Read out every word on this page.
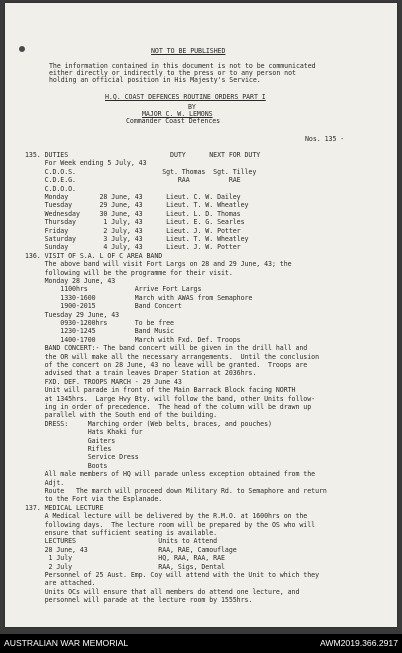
NOT TO BE PUBLISHED
The information contained in this document is not to be communicated
either directly or indirectly to the press or to any person not
holding an official position in His Majesty's Service.
H.Q. COAST DEFENCES ROUTINE ORDERS PART I
BY
MAJOR C. W. LEMONS
Commander Coast Defences
Nos. 135 -
135. DUTIES                          DUTY      NEXT FOR DUTY
For Week ending 5 July, 43
C.D.O.S.                      Sgt. Thomas  Sgt. Tilley
C.D.E.G.                          RAA          RAE
C.D.O.O.
Monday        28 June, 43      Lieut. C. W. Dailey
Tuesday       29 June, 43      Lieut. T. W. Wheatley
Wednesday     30 June, 43      Lieut. L. D. Thomas
Thursday       1 July, 43      Lieut. E. G. Searles
Friday         2 July, 43      Lieut. J. W. Potter
Saturday       3 July, 43      Lieut. T. W. Wheatley
Sunday         4 July, 43      Lieut. J. W. Potter
136. VISIT OF S.A. L OF C AREA BAND
The above band will visit Fort Largs on 28 and 29 June, 43; the
following will be the programme for their visit.
Monday 28 June, 43
1100hrs            Arrive Fort Largs
1330-1600          March with AWAS from Semaphore
1900-2015          Band Concert
Tuesday 29 June, 43
0930-1200hrs       To be free
1230-1245          Band Music
1400-1700          March with Fxd. Def. Troops
BAND CONCERT:- The band concert will be given in the drill hall and
the OR will make all the necessary arrangements.  Until the conclusion
of the concert on 28 June, 43 no leave will be granted.  Troops are
advised that a train leaves Draper Station at 2036hrs.
FXD. DEF. TROOPS MARCH - 29 June 43
Unit will parade in front of the Main Barrack Block facing NORTH
at 1345hrs.  Large Hvy Bty. will follow the band, other Units follow-
ing in order of precedence.  The head of the column will be drawn up
parallel with the South end of the building.
DRESS:     Marching order (Web belts, braces, and pouches)
Hats Khaki fur
Gaiters
Rifles
Service Dress
Boots
All male members of HQ will parade unless exception obtained from the
Adjt.
Route   The march will proceed down Military Rd. to Semaphore and return
to the Fort via the Esplanade.
137. MEDICAL LECTURE
A Medical lecture will be delivered by the R.M.O. at 1600hrs on the
following days.  The lecture room will be prepared by the OS who will
ensure that sufficient seating is available.
LECTURES                     Units to Attend
28 June, 43                  RAA, RAE, Camouflage
1 July                      HQ, RAA, RAA, RAE
2 July                      RAA, Sigs, Dental
Personnel of 25 Aust. Emp. Coy will attend with the Unit to which they
are attached.
Units OCs will ensure that all members do attend one lecture, and
personnel will parade at the lecture room by 1555hrs.
AUSTRALIAN WAR MEMORIAL	AWM2019.366.2917
